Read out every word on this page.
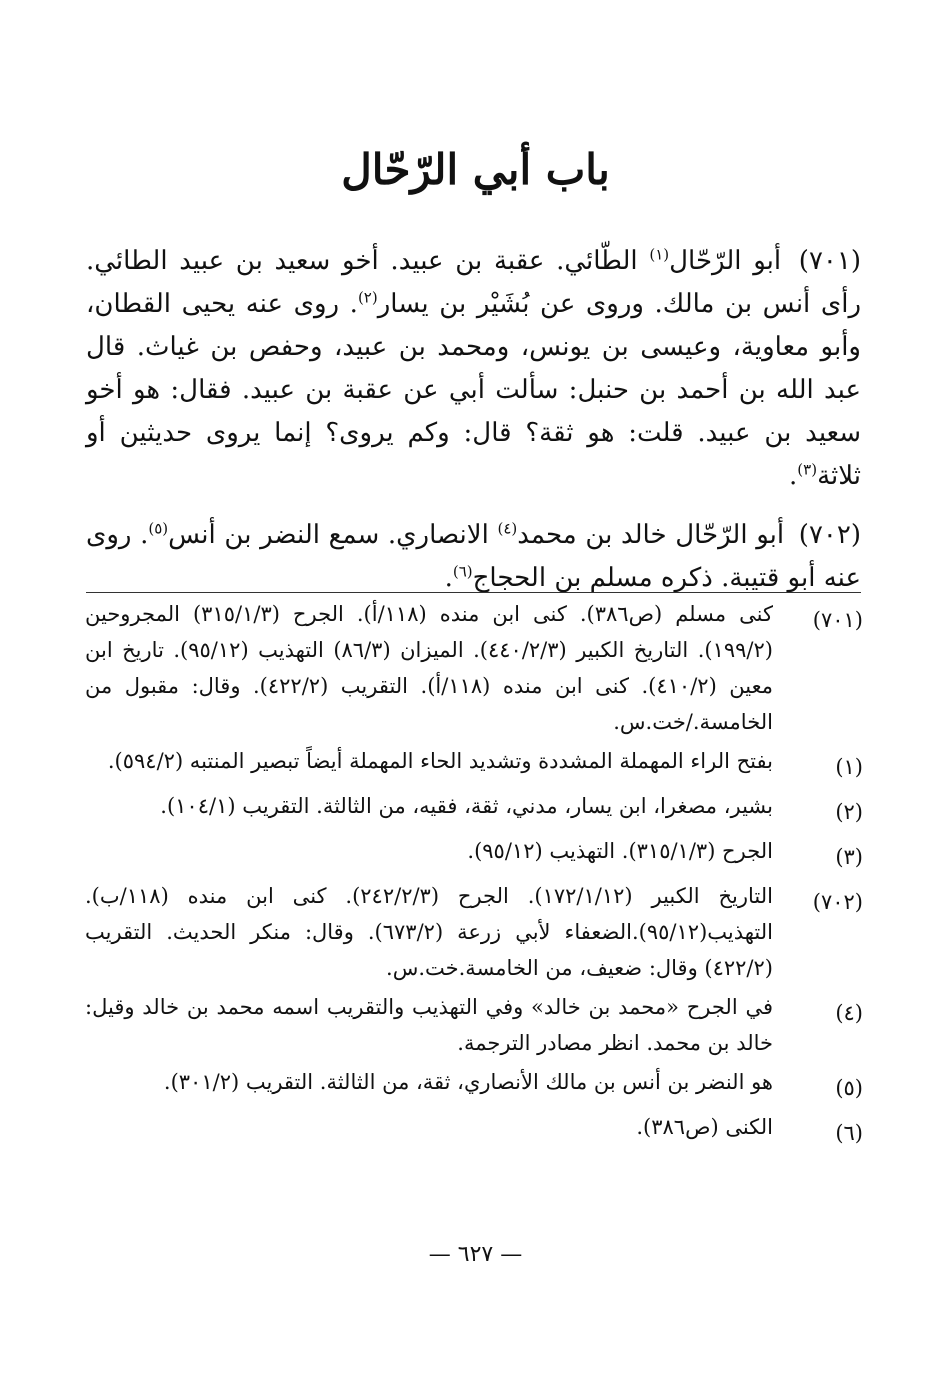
باب أبي الرّحّال

(٧٠١) أبو الرّحّال$^{(١)}$ الطّائي. عقبة بن عبيد. أخو سعيد بن عبيد الطائي. رأى أنس بن مالك. وروى عن بُشَيْر بن يسار$^{(٢)}$. روى عنه يحيى القطان، وأبو معاوية، وعيسى بن يونس، ومحمد بن عبيد، وحفص بن غياث. قال عبد الله بن أحمد بن حنبل: سألت أبي عن عقبة بن عبيد. فقال: هو أخو سعيد بن عبيد. قلت: هو ثقة؟ قال: وكم يروى؟ إنما يروى حديثين أو ثلاثة$^{(٣)}$.

(٧٠٢) أبو الرّحّال خالد بن محمد$^{(٤)}$ الانصاري. سمع النضر بن أنس$^{(٥)}$. روى عنه أبو قتيبة. ذكره مسلم بن الحجاج$^{(٦)}$.

(٧٠١)
كنى مسلم (ص٣٨٦). كنى ابن منده (١١٨/أ). الجرح (٣١٥/١/٣) المجروحين (١٩٩/٢). التاريخ الكبير (٤٤٠/٢/٣). الميزان (٨٦/٣) التهذيب (٩٥/١٢). تاريخ ابن معين (٤١٠/٢). كنى ابن منده (١١٨/أ). التقريب (٤٢٢/٢). وقال: مقبول من الخامسة./خت.س.
(١)
بفتح الراء المهملة المشددة وتشديد الحاء المهملة أيضاً تبصير المنتبه (٥٩٤/٢).
(٢)
بشير، مصغرا، ابن يسار، مدني، ثقة، فقيه، من الثالثة. التقريب (١٠٤/١).
(٣)
الجرح (٣١٥/١/٣). التهذيب (٩٥/١٢).
(٧٠٢)
التاريخ الكبير (١٧٢/١/١٢). الجرح (٢٤٢/٢/٣). كنى ابن منده (١١٨/ب). التهذيب(٩٥/١٢).الضعفاء لأبي زرعة (٦٧٣/٢). وقال: منكر الحديث. التقريب (٤٢٢/٢) وقال: ضعيف، من الخامسة.خت.س.
(٤)
في الجرح «محمد بن خالد» وفي التهذيب والتقريب اسمه محمد بن خالد وقيل: خالد بن محمد. انظر مصادر الترجمة.
(٥)
هو النضر بن أنس بن مالك الأنصاري، ثقة، من الثالثة. التقريب (٣٠١/٢).
(٦)
الكنى (ص٣٨٦).
— ٦٢٧ —
